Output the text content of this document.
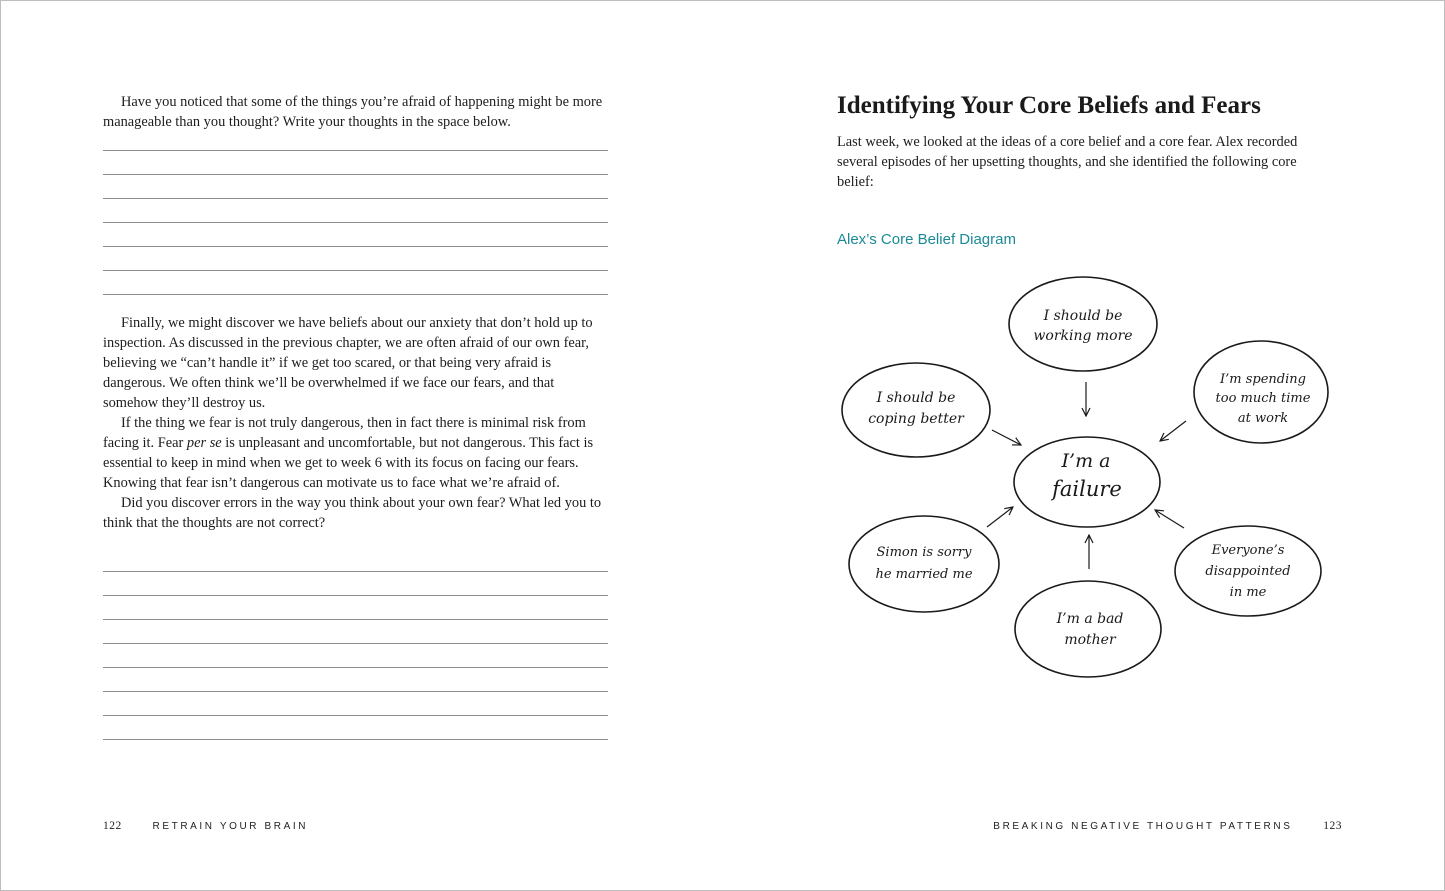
Have you noticed that some of the things you’re afraid of happening might be more manageable than you thought? Write your thoughts in the space below.

Finally, we might discover we have beliefs about our anxiety that don’t hold up to inspection. As discussed in the previous chapter, we are often afraid of our own fear, believing we “can’t handle it” if we get too scared, or that being very afraid is dangerous. We often think we’ll be overwhelmed if we face our fears, and that somehow they’ll destroy us.

If the thing we fear is not truly dangerous, then in fact there is minimal risk from facing it. Fear per se is unpleasant and uncomfortable, but not dangerous. This fact is essential to keep in mind when we get to week 6 with its focus on facing our fears. Knowing that fear isn’t dangerous can motivate us to face what we’re afraid of.

Did you discover errors in the way you think about your own fear? What led you to think that the thoughts are not correct?

122	RETRAIN YOUR BRAIN
Identifying Your Core Beliefs and Fears

Last week, we looked at the ideas of a core belief and a core fear. Alex recorded several episodes of her upsetting thoughts, and she identified the following core belief:

Alex’s Core Belief Diagram
BREAKING NEGATIVE THOUGHT PATTERNS	123
I’m a
failure
I should be
working more
I’m spending
too much time
at work
Everyone’s
disappointed
in me
I’m a bad
mother
Simon is sorry
he married me
I should be
coping better
